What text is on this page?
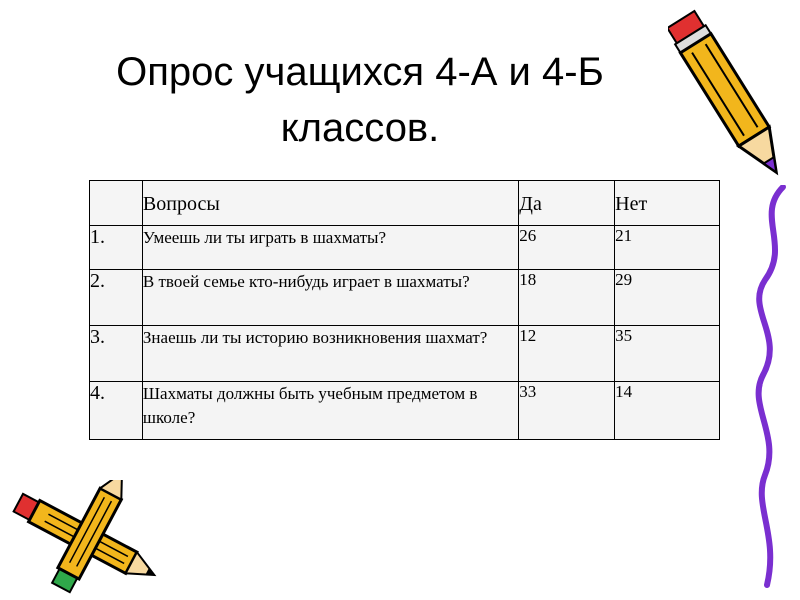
Опрос учащихся 4-А и 4-Б
классов.
	Вопросы	Да	Нет
1.	Умеешь ли ты играть в шахматы?	26	21
2.	В твоей семье кто-нибудь играет в шахматы?	18	29
3.	Знаешь ли ты историю возникновения шахмат?	12	35
4.	Шахматы должны быть учебным предметом в школе?	33	14
